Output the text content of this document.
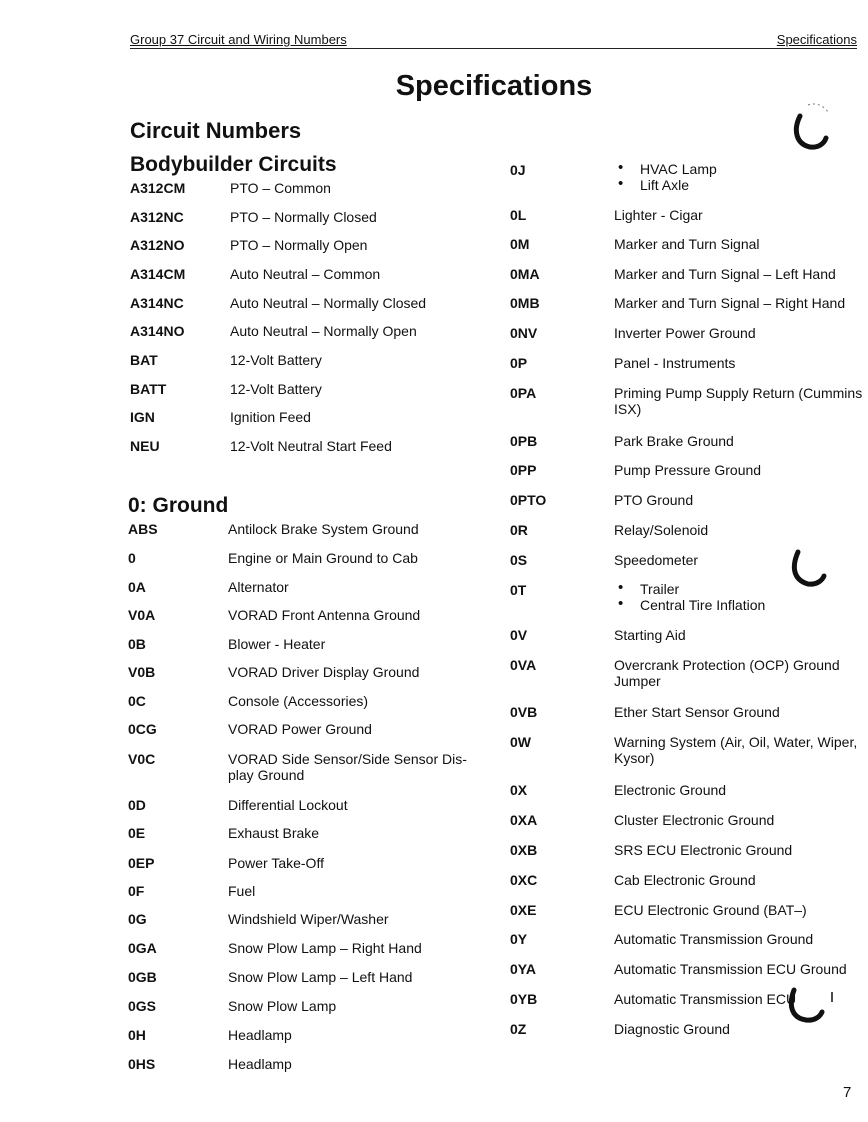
Group 37 Circuit and Wiring Numbers	Specifications
Specifications
Circuit Numbers
Bodybuilder Circuits
0: Ground
A312CM	PTO – Common
A312NC	PTO – Normally Closed
A312NO	PTO – Normally Open
A314CM	Auto Neutral – Common
A314NC	Auto Neutral – Normally Closed
A314NO	Auto Neutral – Normally Open
BAT	12-Volt Battery
BATT	12-Volt Battery
IGN	Ignition Feed
NEU	12-Volt Neutral Start Feed
ABS	Antilock Brake System Ground
0	Engine or Main Ground to Cab
0A	Alternator
V0A	VORAD Front Antenna Ground
0B	Blower - Heater
V0B	VORAD Driver Display Ground
0C	Console (Accessories)
0CG	VORAD Power Ground
V0C	VORAD Side Sensor/Side Sensor Dis- play Ground
0D	Differential Lockout
0E	Exhaust Brake
0EP	Power Take-Off
0F	Fuel
0G	Windshield Wiper/Washer
0GA	Snow Plow Lamp – Right Hand
0GB	Snow Plow Lamp – Left Hand
0GS	Snow Plow Lamp
0H	Headlamp
0HS	Headlamp
0J	• HVAC Lamp
• Lift Axle
0L	Lighter - Cigar
0M	Marker and Turn Signal
0MA	Marker and Turn Signal – Left Hand
0MB	Marker and Turn Signal – Right Hand
0NV	Inverter Power Ground
0P	Panel - Instruments
0PA	Priming Pump Supply Return (Cummins ISX)
0PB	Park Brake Ground
0PP	Pump Pressure Ground
0PTO	PTO Ground
0R	Relay/Solenoid
0S	Speedometer
0T	• Trailer
• Central Tire Inflation
0V	Starting Aid
0VA	Overcrank Protection (OCP) Ground Jumper
0VB	Ether Start Sensor Ground
0W	Warning System (Air, Oil, Water, Wiper, Kysor)
0X	Electronic Ground
0XA	Cluster Electronic Ground
0XB	SRS ECU Electronic Ground
0XC	Cab Electronic Ground
0XE	ECU Electronic Ground (BAT–)
0Y	Automatic Transmission Ground
0YA	Automatic Transmission ECU Ground
0YB	Automatic Transmission ECU
0Z	Diagnostic Ground
7
